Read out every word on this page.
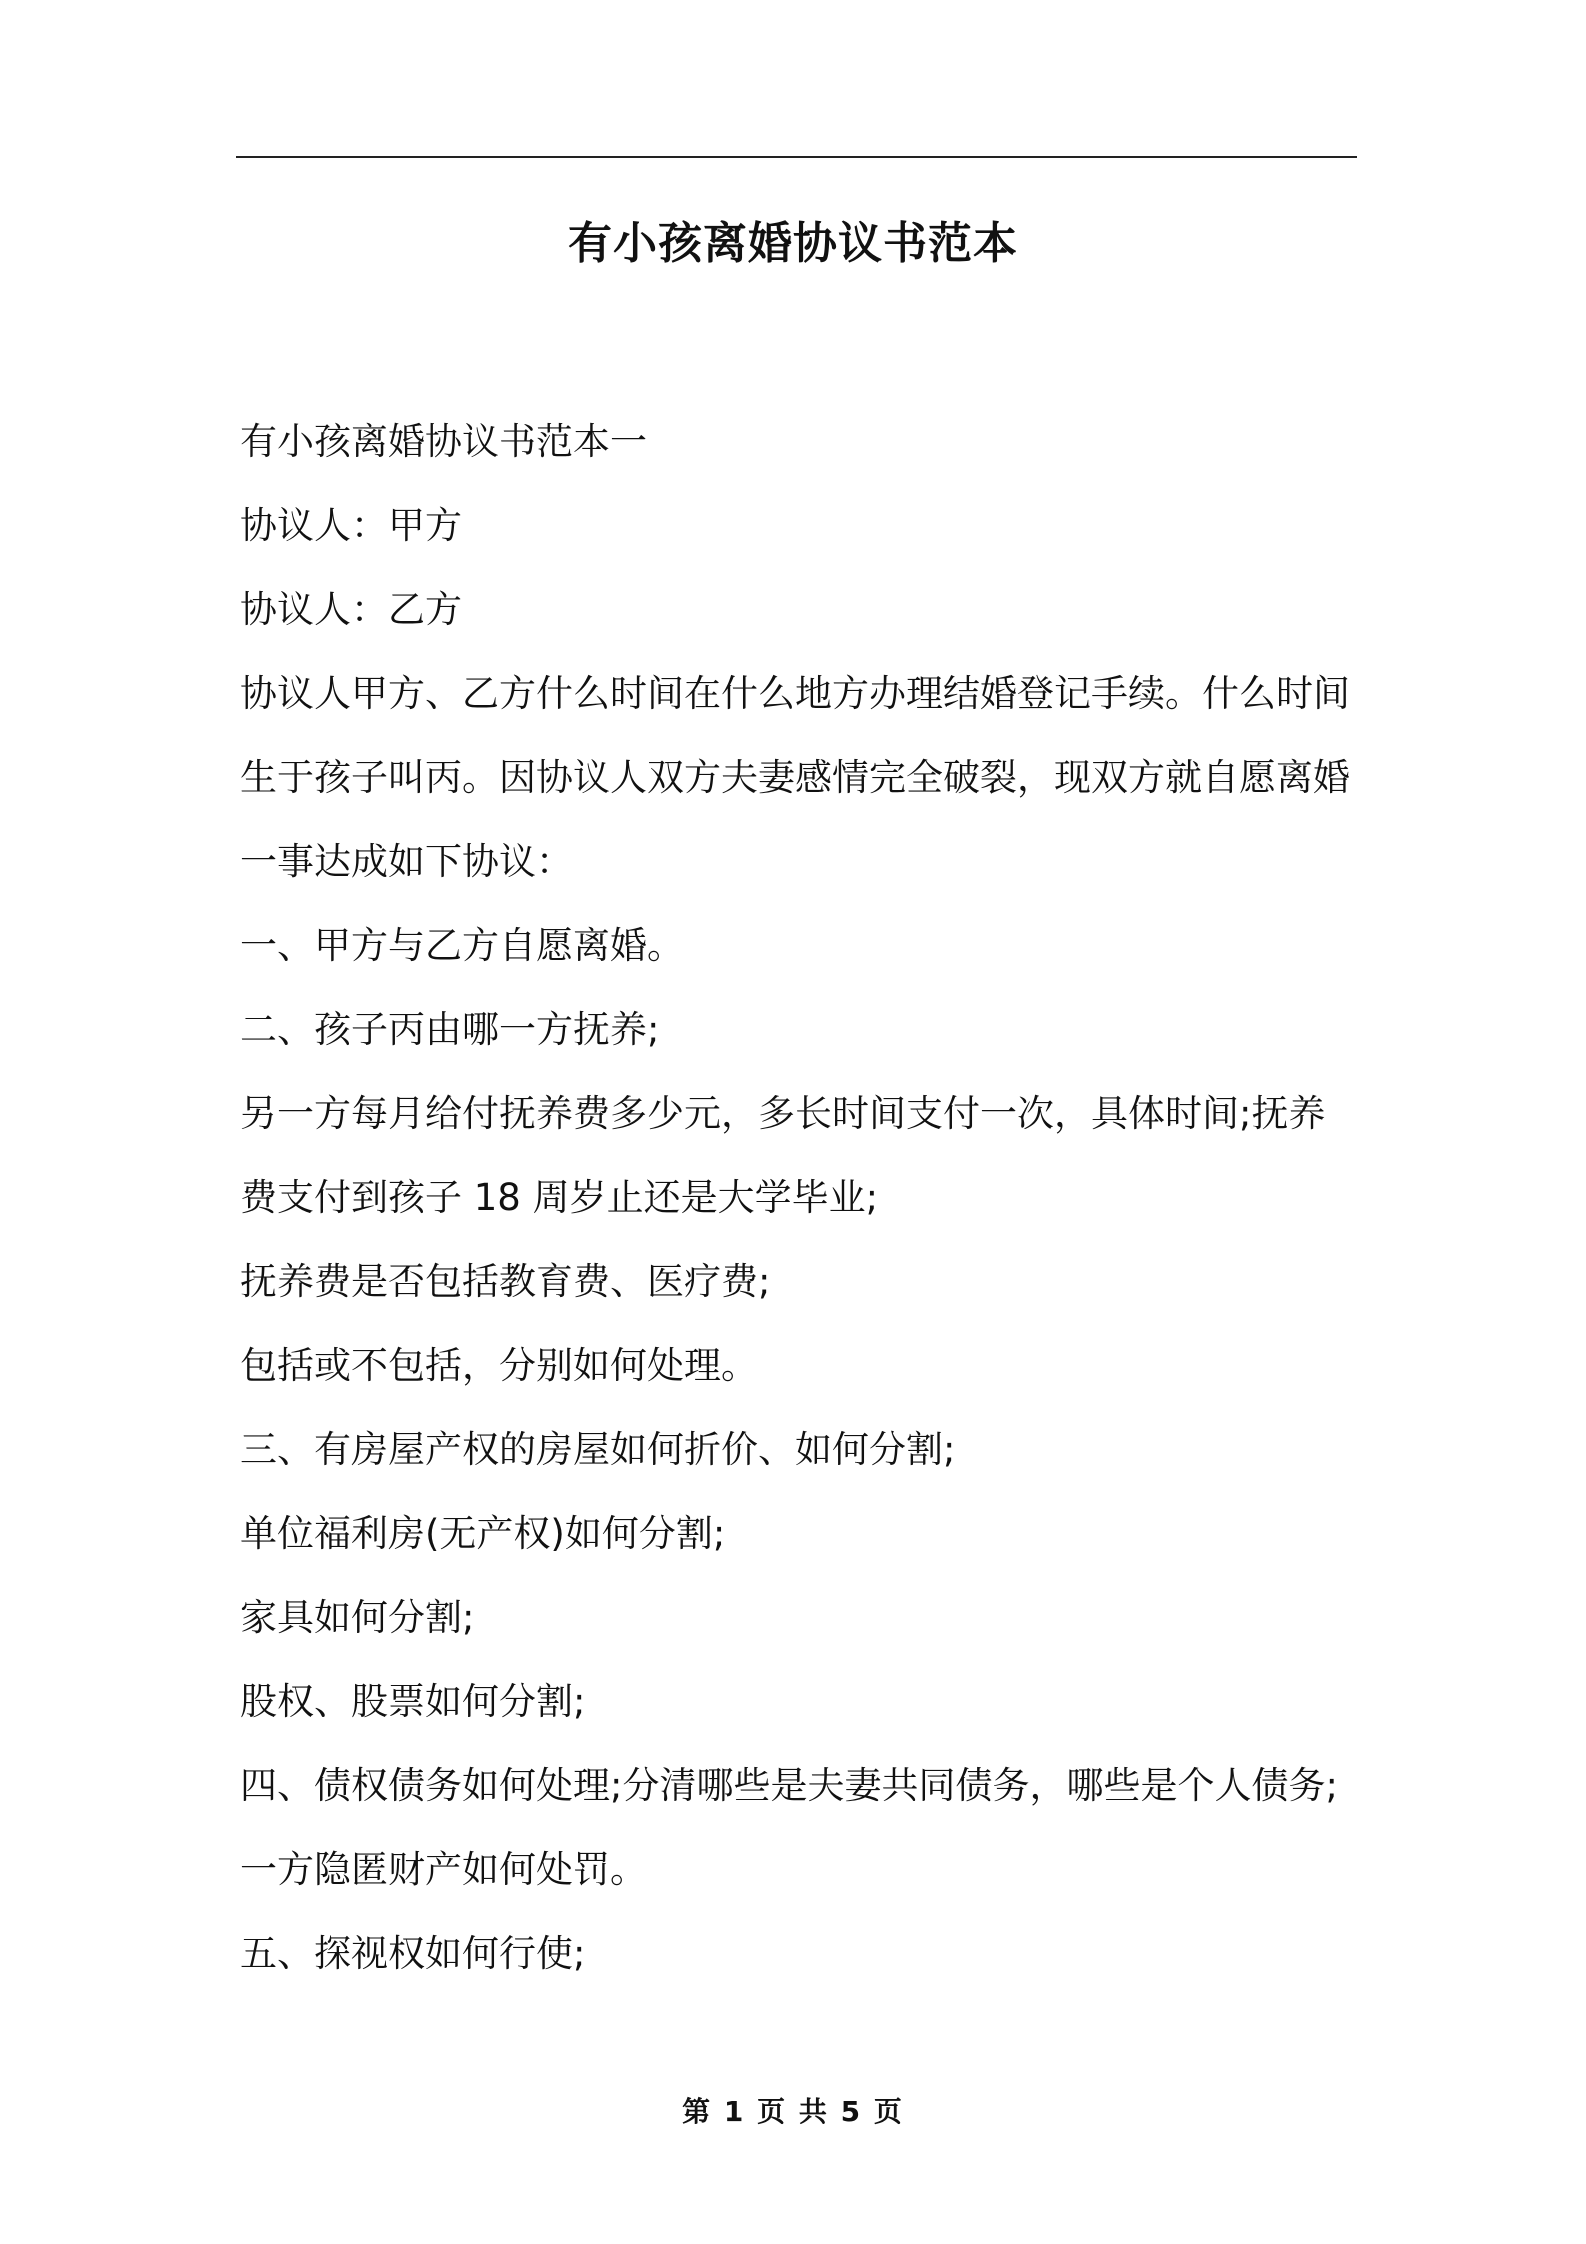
有小孩离婚协议书范本
有小孩离婚协议书范本一
协议人：甲方
协议人：乙方
协议人甲方、乙方什么时间在什么地方办理结婚登记手续。什么时间
生于孩子叫丙。因协议人双方夫妻感情完全破裂，现双方就自愿离婚
一事达成如下协议：
一、甲方与乙方自愿离婚。
二、孩子丙由哪一方抚养;
另一方每月给付抚养费多少元，多长时间支付一次，具体时间;抚养
费支付到孩子 18 周岁止还是大学毕业;
抚养费是否包括教育费、医疗费;
包括或不包括，分别如何处理。
三、有房屋产权的房屋如何折价、如何分割;
单位福利房(无产权)如何分割;
家具如何分割;
股权、股票如何分割;
四、债权债务如何处理;分清哪些是夫妻共同债务，哪些是个人债务;
一方隐匿财产如何处罚。
五、探视权如何行使;
第 1 页 共 5 页
